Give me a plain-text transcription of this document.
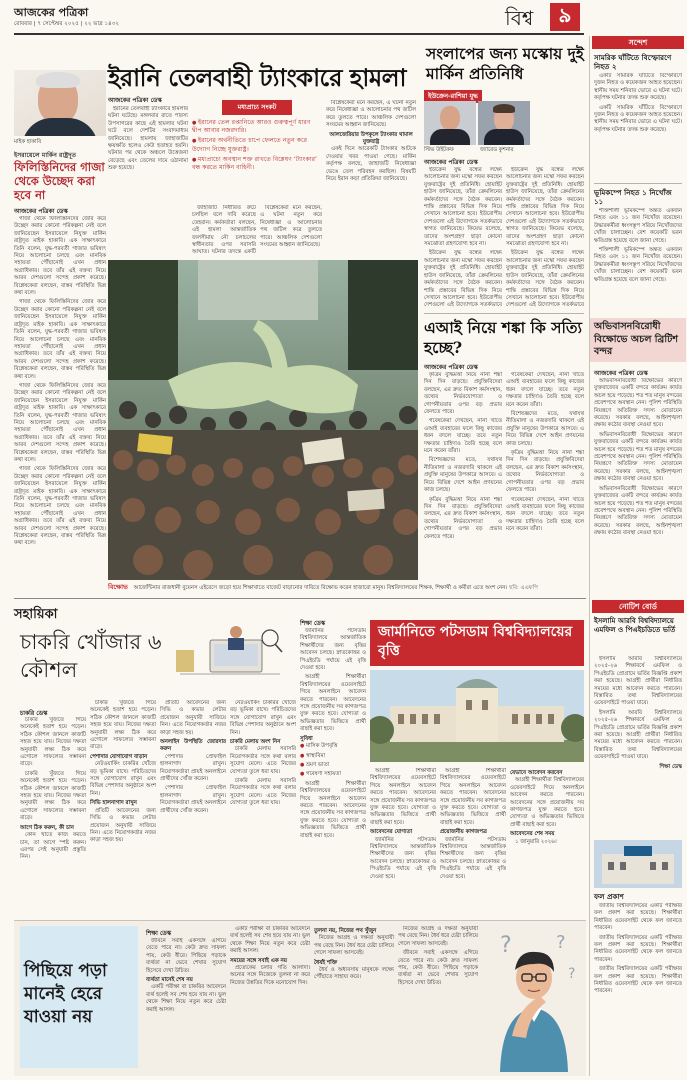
আজকের পত্রিকা
রোববার | ৭ সেপ্টেম্বর ২০২৫ | ২২ ভাদ্র ১৪৩২	বিশ্ব ৯
মাইক হাকাবি
ইরানি তেলবাহী ট্যাংকারে হামলা
আজকের পত্রিকা ডেস্ক

ইরানের তেলবাহী ট্যাংকারে হামলার ঘটনা ঘটেছে। মঙ্গলবার রাতে পারস্য উপসাগরের কাছে এই হামলার ঘটনা ঘটে বলে দেশটির সংবাদমাধ্যম জানিয়েছে। হামলায় জাহাজটির ক্ষয়ক্ষতি হলেও কেউ হতাহত হয়নি। ঘটনার পর থেকে অঞ্চলে উত্তেজনা বেড়েছে এবং তেলের দামে ওঠানামা শুরু হয়েছে।

মধ্যপ্রাচ্য সংকট
● ইরানের তেল রপ্তানিতে আরও গুরুত্বপূর্ণ ধারণ দ্বীপ আবার নজরদারি।
● ইরানের অর্থনীতিতে চাপে ফেলতে নতুন করে উদ্যোগ নিচ্ছে যুক্তরাষ্ট্র।
● মধ্যপ্রাচ্যে অবস্থান শক্ত রাখতে বিশ্লেষণ ‘ট্যাংকার’ বন্ধ করতে মার্কিন বাহিনী।

জাহাজটি নির্ধারিত রুটে চলছিল বলে দাবি করেছে তেহরান। কর্মকর্তারা বলছেন, এই হামলা আন্তর্জাতিক জলসীমায় নৌ চলাচলের স্বাধীনতার ওপর সরাসরি আঘাত। ঘটনার তদন্তে একটি

বিশ্লেষকেরা মনে করছেন, এ ঘটনা নতুন করে নিষেধাজ্ঞা ও আলোচনার পথ জটিল করে তুলতে পারে। আঞ্চলিক দেশগুলো সংযমের আহ্বান জানিয়েছে।

বিশ্লেষকেরা মনে করছেন, এ ঘটনা নতুন করে নিষেধাজ্ঞা ও আলোচনার পথ জটিল করে তুলতে পারে। আঞ্চলিক দেশগুলো সংযমের আহ্বান জানিয়েছে।

আলজেরিয়ার উপকূলে ট্যাংকার থামাল যুক্তরাষ্ট্র

একই দিনে আরেকটি ট্যাংকার আটকে দেওয়ার খবর পাওয়া গেছে। মার্কিন কর্তৃপক্ষ বলছে, জাহাজটি নিষেধাজ্ঞা ভেঙে তেল পরিবহন করছিল। বিষয়টি নিয়ে ইরান কড়া প্রতিক্রিয়া জানিয়েছে।

ইসরায়েলে মার্কিন রাষ্ট্রদূত
ফিলিস্তিনিদের গাজা থেকে উচ্ছেদ করা হবে না
আজকের পত্রিকা ডেস্ক

গাজা থেকে ফিলিস্তিনিদের জোর করে উচ্ছেদ করার কোনো পরিকল্পনা নেই বলে জানিয়েছেন ইসরায়েলে নিযুক্ত মার্কিন রাষ্ট্রদূত মাইক হাকাবি। এক সাক্ষাৎকারে তিনি বলেন, যুদ্ধ-পরবর্তী গাজার ভবিষ্যৎ নিয়ে আলোচনা চলছে এবং মানবিক সহায়তা পৌঁছানোই এখন প্রধান অগ্রাধিকার। তবে তাঁর এই বক্তব্য নিয়ে আরব দেশগুলো সন্দেহ প্রকাশ করেছে। বিশ্লেষকেরা বলছেন, বাস্তব পরিস্থিতি ভিন্ন কথা বলে।

গাজা থেকে ফিলিস্তিনিদের জোর করে উচ্ছেদ করার কোনো পরিকল্পনা নেই বলে জানিয়েছেন ইসরায়েলে নিযুক্ত মার্কিন রাষ্ট্রদূত মাইক হাকাবি। এক সাক্ষাৎকারে তিনি বলেন, যুদ্ধ-পরবর্তী গাজার ভবিষ্যৎ নিয়ে আলোচনা চলছে এবং মানবিক সহায়তা পৌঁছানোই এখন প্রধান অগ্রাধিকার। তবে তাঁর এই বক্তব্য নিয়ে আরব দেশগুলো সন্দেহ প্রকাশ করেছে। বিশ্লেষকেরা বলছেন, বাস্তব পরিস্থিতি ভিন্ন কথা বলে।

গাজা থেকে ফিলিস্তিনিদের জোর করে উচ্ছেদ করার কোনো পরিকল্পনা নেই বলে জানিয়েছেন ইসরায়েলে নিযুক্ত মার্কিন রাষ্ট্রদূত মাইক হাকাবি। এক সাক্ষাৎকারে তিনি বলেন, যুদ্ধ-পরবর্তী গাজার ভবিষ্যৎ নিয়ে আলোচনা চলছে এবং মানবিক সহায়তা পৌঁছানোই এখন প্রধান অগ্রাধিকার। তবে তাঁর এই বক্তব্য নিয়ে আরব দেশগুলো সন্দেহ প্রকাশ করেছে। বিশ্লেষকেরা বলছেন, বাস্তব পরিস্থিতি ভিন্ন কথা বলে।

গাজা থেকে ফিলিস্তিনিদের জোর করে উচ্ছেদ করার কোনো পরিকল্পনা নেই বলে জানিয়েছেন ইসরায়েলে নিযুক্ত মার্কিন রাষ্ট্রদূত মাইক হাকাবি। এক সাক্ষাৎকারে তিনি বলেন, যুদ্ধ-পরবর্তী গাজার ভবিষ্যৎ নিয়ে আলোচনা চলছে এবং মানবিক সহায়তা পৌঁছানোই এখন প্রধান অগ্রাধিকার। তবে তাঁর এই বক্তব্য নিয়ে আরব দেশগুলো সন্দেহ প্রকাশ করেছে। বিশ্লেষকেরা বলছেন, বাস্তব পরিস্থিতি ভিন্ন কথা বলে।

বিক্ষোভ আর্জেন্টিনার রাজধানী বুয়েনস এইরেসে জড়ো হয়ে শিক্ষাখাতে বাজেট বাড়ানোর দাবিতে বিক্ষোভ করেন হাজারো মানুষ। বিশ্ববিদ্যালয়ের শিক্ষক, শিক্ষার্থী ও কর্মীরা এতে অংশ নেন। ছবি: এএফপি
সংলাপের জন্য মস্কোয় দুই মার্কিন প্রতিনিধি
ইউক্রেন-রাশিয়া যুদ্ধ
স্টিভ উইটকফ	জ্যারেড কুশনার
আজকের পত্রিকা ডেস্ক

ইউক্রেন যুদ্ধ বন্ধের লক্ষ্যে আলোচনার জন্য মস্কো সফর করছেন যুক্তরাষ্ট্রের দুই প্রতিনিধি। হোয়াইট হাউস জানিয়েছে, তাঁরা ক্রেমলিনের কর্মকর্তাদের সঙ্গে বৈঠক করবেন। শান্তি প্রস্তাবের বিভিন্ন দিক নিয়ে সেখানে আলোচনা হবে। ইউরোপীয় দেশগুলো এই উদ্যোগকে সতর্কভাবে স্বাগত জানিয়েছে। কিয়েভ বলেছে, তাদের অংশগ্রহণ ছাড়া কোনো সমঝোতা গ্রহণযোগ্য হবে না।

ইউক্রেন যুদ্ধ বন্ধের লক্ষ্যে আলোচনার জন্য মস্কো সফর করছেন যুক্তরাষ্ট্রের দুই প্রতিনিধি। হোয়াইট হাউস জানিয়েছে, তাঁরা ক্রেমলিনের কর্মকর্তাদের সঙ্গে বৈঠক করবেন। শান্তি প্রস্তাবের বিভিন্ন দিক নিয়ে সেখানে আলোচনা হবে। ইউরোপীয় দেশগুলো এই উদ্যোগকে সতর্কভাবে

ইউক্রেন যুদ্ধ বন্ধের লক্ষ্যে আলোচনার জন্য মস্কো সফর করছেন যুক্তরাষ্ট্রের দুই প্রতিনিধি। হোয়াইট হাউস জানিয়েছে, তাঁরা ক্রেমলিনের কর্মকর্তাদের সঙ্গে বৈঠক করবেন। শান্তি প্রস্তাবের বিভিন্ন দিক নিয়ে সেখানে আলোচনা হবে। ইউরোপীয় দেশগুলো এই উদ্যোগকে সতর্কভাবে স্বাগত জানিয়েছে। কিয়েভ বলেছে, তাদের অংশগ্রহণ ছাড়া কোনো সমঝোতা গ্রহণযোগ্য হবে না।

ইউক্রেন যুদ্ধ বন্ধের লক্ষ্যে আলোচনার জন্য মস্কো সফর করছেন যুক্তরাষ্ট্রের দুই প্রতিনিধি। হোয়াইট হাউস জানিয়েছে, তাঁরা ক্রেমলিনের কর্মকর্তাদের সঙ্গে বৈঠক করবেন। শান্তি প্রস্তাবের বিভিন্ন দিক নিয়ে সেখানে আলোচনা হবে। ইউরোপীয় দেশগুলো এই উদ্যোগকে সতর্কভাবে

এআই নিয়ে শঙ্কা কি সত্যি হচ্ছে?
আজকের পত্রিকা ডেস্ক

কৃত্রিম বুদ্ধিমত্তা নিয়ে নানা শঙ্কা দিন দিন বাড়ছে। প্রযুক্তিবিদেরা বলছেন, এর দ্রুত বিকাশ কর্মসংস্থান, তথ্যের নির্ভরযোগ্যতা ও গোপনীয়তার ওপর বড় প্রভাব ফেলতে পারে।

গবেষকেরা দেখছেন, নানা খাতে এআই ব্যবহারের ফলে কিছু কাজের ধরন বদলে যাচ্ছে। তবে নতুন দক্ষতার চাহিদাও তৈরি হচ্ছে বলে মনে করেন তাঁরা।

বিশেষজ্ঞদের মতে, যথাযথ নীতিমালা ও নজরদারি থাকলে এই প্রযুক্তি মানুষের উপকারে আসবে। এ নিয়ে বিভিন্ন দেশে আইন প্রণয়নের কাজ চলছে।

কৃত্রিম বুদ্ধিমত্তা নিয়ে নানা শঙ্কা দিন দিন বাড়ছে। প্রযুক্তিবিদেরা বলছেন, এর দ্রুত বিকাশ কর্মসংস্থান, তথ্যের নির্ভরযোগ্যতা ও গোপনীয়তার ওপর বড় প্রভাব ফেলতে পারে।

গবেষকেরা দেখছেন, নানা খাতে এআই ব্যবহারের ফলে কিছু কাজের ধরন বদলে যাচ্ছে। তবে নতুন দক্ষতার চাহিদাও তৈরি হচ্ছে বলে মনে করেন তাঁরা।

বিশেষজ্ঞদের মতে, যথাযথ নীতিমালা ও নজরদারি থাকলে এই প্রযুক্তি মানুষের উপকারে আসবে। এ নিয়ে বিভিন্ন দেশে আইন প্রণয়নের কাজ চলছে।

কৃত্রিম বুদ্ধিমত্তা নিয়ে নানা শঙ্কা দিন দিন বাড়ছে। প্রযুক্তিবিদেরা বলছেন, এর দ্রুত বিকাশ কর্মসংস্থান, তথ্যের নির্ভরযোগ্যতা ও গোপনীয়তার ওপর বড় প্রভাব ফেলতে পারে।

গবেষকেরা দেখছেন, নানা খাতে এআই ব্যবহারের ফলে কিছু কাজের ধরন বদলে যাচ্ছে। তবে নতুন দক্ষতার চাহিদাও তৈরি হচ্ছে বলে মনে করেন তাঁরা।

সন্দেশ
সামরিক ঘাঁটিতে বিস্ফোরণে নিহত ২

একটি সামরিক ঘাঁটিতে বিস্ফোরণে দুজন নিহত ও কয়েকজন আহত হয়েছেন। স্থানীয় সময় শনিবার ভোরে এ ঘটনা ঘটে। কর্তৃপক্ষ ঘটনার তদন্ত শুরু করেছে।

একটি সামরিক ঘাঁটিতে বিস্ফোরণে দুজন নিহত ও কয়েকজন আহত হয়েছেন। স্থানীয় সময় শনিবার ভোরে এ ঘটনা ঘটে। কর্তৃপক্ষ ঘটনার তদন্ত শুরু করেছে।

ভূমিকম্পে নিহত ১ নিখোঁজ ১১

শক্তিশালী ভূমিকম্পে অন্তত একজন নিহত এবং ১১ জন নিখোঁজ রয়েছেন। উদ্ধারকর্মীরা ধ্বংসস্তূপ সরিয়ে নিখোঁজদের খোঁজ চালাচ্ছেন। বেশ কয়েকটি ভবন ক্ষতিগ্রস্ত হয়েছে বলে জানা গেছে।

শক্তিশালী ভূমিকম্পে অন্তত একজন নিহত এবং ১১ জন নিখোঁজ রয়েছেন। উদ্ধারকর্মীরা ধ্বংসস্তূপ সরিয়ে নিখোঁজদের খোঁজ চালাচ্ছেন। বেশ কয়েকটি ভবন ক্ষতিগ্রস্ত হয়েছে বলে জানা গেছে।

অভিবাসনবিরোধী বিক্ষোভে অচল ব্রিটিশ বন্দর
আজকের পত্রিকা ডেস্ক

অভিবাসনবিরোধী বিক্ষোভের কারণে যুক্তরাজ্যের একটি বন্দরে কার্যক্রম কার্যত অচল হয়ে পড়েছে। শত শত মানুষ বন্দরের প্রবেশপথে অবস্থান নেন। পুলিশ পরিস্থিতি নিয়ন্ত্রণে অতিরিক্ত সদস্য মোতায়েন করেছে। সরকার বলছে, আইনশৃঙ্খলা রক্ষায় কঠোর ব্যবস্থা নেওয়া হবে।

অভিবাসনবিরোধী বিক্ষোভের কারণে যুক্তরাজ্যের একটি বন্দরে কার্যক্রম কার্যত অচল হয়ে পড়েছে। শত শত মানুষ বন্দরের প্রবেশপথে অবস্থান নেন। পুলিশ পরিস্থিতি নিয়ন্ত্রণে অতিরিক্ত সদস্য মোতায়েন করেছে। সরকার বলছে, আইনশৃঙ্খলা রক্ষায় কঠোর ব্যবস্থা নেওয়া হবে।

অভিবাসনবিরোধী বিক্ষোভের কারণে যুক্তরাজ্যের একটি বন্দরে কার্যক্রম কার্যত অচল হয়ে পড়েছে। শত শত মানুষ বন্দরের প্রবেশপথে অবস্থান নেন। পুলিশ পরিস্থিতি নিয়ন্ত্রণে অতিরিক্ত সদস্য মোতায়েন করেছে। সরকার বলছে, আইনশৃঙ্খলা রক্ষায় কঠোর ব্যবস্থা নেওয়া হবে।

সহায়িকা
চাকরি খোঁজার ৬ কৌশল
চাকরি ডেস্ক

চাকরি খুঁজতে গিয়ে অনেকেই হতাশ হয়ে পড়েন। সঠিক কৌশল জানলে কাজটি সহজ হয়ে যায়। নিজের দক্ষতা অনুযায়ী লক্ষ্য ঠিক করে এগোলে সাফল্যের সম্ভাবনা বাড়ে।

চাকরি খুঁজতে গিয়ে অনেকেই হতাশ হয়ে পড়েন। সঠিক কৌশল জানলে কাজটি সহজ হয়ে যায়। নিজের দক্ষতা অনুযায়ী লক্ষ্য ঠিক করে এগোলে সাফল্যের সম্ভাবনা বাড়ে।

আগে ঠিক করুন, কী চান

কোন খাতে কাজ করতে চান, তা আগে স্পষ্ট করুন। এরপর সেই অনুযায়ী প্রস্তুতি নিন।

চাকরি খুঁজতে গিয়ে অনেকেই হতাশ হয়ে পড়েন। সঠিক কৌশল জানলে কাজটি সহজ হয়ে যায়। নিজের দক্ষতা অনুযায়ী লক্ষ্য ঠিক করে এগোলে সাফল্যের সম্ভাবনা বাড়ে।

পেশাদার যোগাযোগ বাড়ান

নেটওয়ার্কিং চাকরির খোঁজে বড় ভূমিকা রাখে। পরিচিতদের সঙ্গে যোগাযোগ রাখুন এবং বিভিন্ন পেশাদার অনুষ্ঠানে অংশ নিন।

সিভি হালনাগাদ রাখুন

প্রতিটি আবেদনের জন্য সিভি ও কভার লেটার প্রয়োজন অনুযায়ী সাজিয়ে নিন। এতে নিয়োগকর্তার নজর কাড়া সহজ হয়।

প্রতিটি আবেদনের জন্য সিভি ও কভার লেটার প্রয়োজন অনুযায়ী সাজিয়ে নিন। এতে নিয়োগকর্তার নজর কাড়া সহজ হয়।

অনলাইন উপস্থিতি জোরদার করুন

পেশাদার প্রোফাইল হালনাগাদ রাখুন। নিয়োগকর্তারা প্রায়ই অনলাইনে প্রার্থীদের খোঁজ করেন।

পেশাদার প্রোফাইল হালনাগাদ রাখুন। নিয়োগকর্তারা প্রায়ই অনলাইনে প্রার্থীদের খোঁজ করেন।

নেটওয়ার্কিং চাকরির খোঁজে বড় ভূমিকা রাখে। পরিচিতদের সঙ্গে যোগাযোগ রাখুন এবং বিভিন্ন পেশাদার অনুষ্ঠানে অংশ নিন।

চাকরি মেলায় অংশ নিন

চাকরি মেলায় সরাসরি নিয়োগকর্তার সঙ্গে কথা বলার সুযোগ মেলে। এতে নিজের যোগ্যতা তুলে ধরা যায়।

চাকরি মেলায় সরাসরি নিয়োগকর্তার সঙ্গে কথা বলার সুযোগ মেলে। এতে নিজের যোগ্যতা তুলে ধরা যায়।

শিক্ষা ডেস্ক

জার্মানির পটসডাম বিশ্ববিদ্যালয়ে আন্তর্জাতিক শিক্ষার্থীদের জন্য বৃত্তির আবেদন চলছে। স্নাতকোত্তর ও পিএইচডি পর্যায়ে এই বৃত্তি দেওয়া হবে।

আগ্রহী শিক্ষার্থীরা বিশ্ববিদ্যালয়ের ওয়েবসাইটে গিয়ে অনলাইনে আবেদন করতে পারবেন। আবেদনের সঙ্গে প্রয়োজনীয় সব কাগজপত্র যুক্ত করতে হবে। যোগ্যতা ও অভিজ্ঞতার ভিত্তিতে প্রার্থী বাছাই করা হবে।

সুবিধা
● মাসিক উপবৃত্তি
● স্বাস্থ্যবিমা
● ভ্রমণ ভাতা
● গবেষণা সহায়তা

আগ্রহী শিক্ষার্থীরা বিশ্ববিদ্যালয়ের ওয়েবসাইটে গিয়ে অনলাইনে আবেদন করতে পারবেন। আবেদনের সঙ্গে প্রয়োজনীয় সব কাগজপত্র যুক্ত করতে হবে। যোগ্যতা ও অভিজ্ঞতার ভিত্তিতে প্রার্থী বাছাই করা হবে।

জার্মানিতে পটসডাম বিশ্ববিদ্যালয়ের বৃত্তি

আগ্রহী শিক্ষার্থীরা বিশ্ববিদ্যালয়ের ওয়েবসাইটে গিয়ে অনলাইনে আবেদন করতে পারবেন। আবেদনের সঙ্গে প্রয়োজনীয় সব কাগজপত্র যুক্ত করতে হবে। যোগ্যতা ও অভিজ্ঞতার ভিত্তিতে প্রার্থী বাছাই করা হবে।

আবেদনের যোগ্যতা

জার্মানির পটসডাম বিশ্ববিদ্যালয়ে আন্তর্জাতিক শিক্ষার্থীদের জন্য বৃত্তির আবেদন চলছে। স্নাতকোত্তর ও পিএইচডি পর্যায়ে এই বৃত্তি দেওয়া হবে।

আগ্রহী শিক্ষার্থীরা বিশ্ববিদ্যালয়ের ওয়েবসাইটে গিয়ে অনলাইনে আবেদন করতে পারবেন। আবেদনের সঙ্গে প্রয়োজনীয় সব কাগজপত্র যুক্ত করতে হবে। যোগ্যতা ও অভিজ্ঞতার ভিত্তিতে প্রার্থী বাছাই করা হবে।

প্রয়োজনীয় কাগজপত্র

জার্মানির পটসডাম বিশ্ববিদ্যালয়ে আন্তর্জাতিক শিক্ষার্থীদের জন্য বৃত্তির আবেদন চলছে। স্নাতকোত্তর ও পিএইচডি পর্যায়ে এই বৃত্তি দেওয়া হবে।

যেভাবে আবেদন করবেন

আগ্রহী শিক্ষার্থীরা বিশ্ববিদ্যালয়ের ওয়েবসাইটে গিয়ে অনলাইনে আবেদন করতে পারবেন। আবেদনের সঙ্গে প্রয়োজনীয় সব কাগজপত্র যুক্ত করতে হবে। যোগ্যতা ও অভিজ্ঞতার ভিত্তিতে প্রার্থী বাছাই করা হবে।

আবেদনের শেষ সময়

১ জানুয়ারি ২০২৬।

নোটিশ বোর্ড
ইসলামি আরবি বিশ্ববিদ্যালয়ে এমফিল ও পিএইচডিতে ভর্তি

ইসলামি আরবি বিশ্ববিদ্যালয়ে ২০২৫-২৬ শিক্ষাবর্ষে এমফিল ও পিএইচডি প্রোগ্রামে ভর্তির বিজ্ঞপ্তি প্রকাশ করা হয়েছে। আগ্রহী প্রার্থীরা নির্ধারিত সময়ের মধ্যে আবেদন করতে পারবেন। বিস্তারিত তথ্য বিশ্ববিদ্যালয়ের ওয়েবসাইটে পাওয়া যাবে।

ইসলামি আরবি বিশ্ববিদ্যালয়ে ২০২৫-২৬ শিক্ষাবর্ষে এমফিল ও পিএইচডি প্রোগ্রামে ভর্তির বিজ্ঞপ্তি প্রকাশ করা হয়েছে। আগ্রহী প্রার্থীরা নির্ধারিত সময়ের মধ্যে আবেদন করতে পারবেন। বিস্তারিত তথ্য বিশ্ববিদ্যালয়ের ওয়েবসাইটে পাওয়া যাবে।

শিক্ষা ডেস্ক

ফল প্রকাশ

জাতীয় বিশ্ববিদ্যালয়ের একটি পরীক্ষার ফল প্রকাশ করা হয়েছে। শিক্ষার্থীরা নির্ধারিত ওয়েবসাইট থেকে ফল জানতে পারবেন।

জাতীয় বিশ্ববিদ্যালয়ের একটি পরীক্ষার ফল প্রকাশ করা হয়েছে। শিক্ষার্থীরা নির্ধারিত ওয়েবসাইট থেকে ফল জানতে পারবেন।

জাতীয় বিশ্ববিদ্যালয়ের একটি পরীক্ষার ফল প্রকাশ করা হয়েছে। শিক্ষার্থীরা নির্ধারিত ওয়েবসাইট থেকে ফল জানতে পারবেন।

পিছিয়ে পড়া মানেই হেরে যাওয়া নয়
শিক্ষা ডেস্ক

জীবনে সবাই একসঙ্গে এগিয়ে যেতে পারে না। কেউ দ্রুত সাফল্য পায়, কেউ ধীরে। পিছিয়ে পড়াকে ব্যর্থতা না ভেবে শেখার সুযোগ হিসেবে দেখা উচিত।

ব্যর্থতা মানেই শেষ নয়

একটি পরীক্ষা বা চাকরির আবেদনে ব্যর্থ হলেই সব শেষ হয়ে যায় না। ভুল থেকে শিক্ষা নিয়ে নতুন করে চেষ্টা করাই আসল।

একটি পরীক্ষা বা চাকরির আবেদনে ব্যর্থ হলেই সব শেষ হয়ে যায় না। ভুল থেকে শিক্ষা নিয়ে নতুন করে চেষ্টা করাই আসল।

সময়ের সঙ্গে সবাই এক নয়

প্রত্যেকের চলার গতি আলাদা। অন্যের সঙ্গে নিজেকে তুলনা না করে নিজের উন্নতির দিকে মনোযোগ দিন।

তুলনা নয়, নিজের পথ খুঁজুন

নিজের আগ্রহ ও দক্ষতা অনুযায়ী পথ বেছে নিন। ধৈর্য ধরে চেষ্টা চালিয়ে গেলে সাফল্য আসবেই।

ধৈর্যই শক্তি

ধৈর্য ও অধ্যবসায় মানুষকে লক্ষ্যে পৌঁছাতে সাহায্য করে।

নিজের আগ্রহ ও দক্ষতা অনুযায়ী পথ বেছে নিন। ধৈর্য ধরে চেষ্টা চালিয়ে গেলে সাফল্য আসবেই।

জীবনে সবাই একসঙ্গে এগিয়ে যেতে পারে না। কেউ দ্রুত সাফল্য পায়, কেউ ধীরে। পিছিয়ে পড়াকে ব্যর্থতা না ভেবে শেখার সুযোগ হিসেবে দেখা উচিত।

? ?
?
